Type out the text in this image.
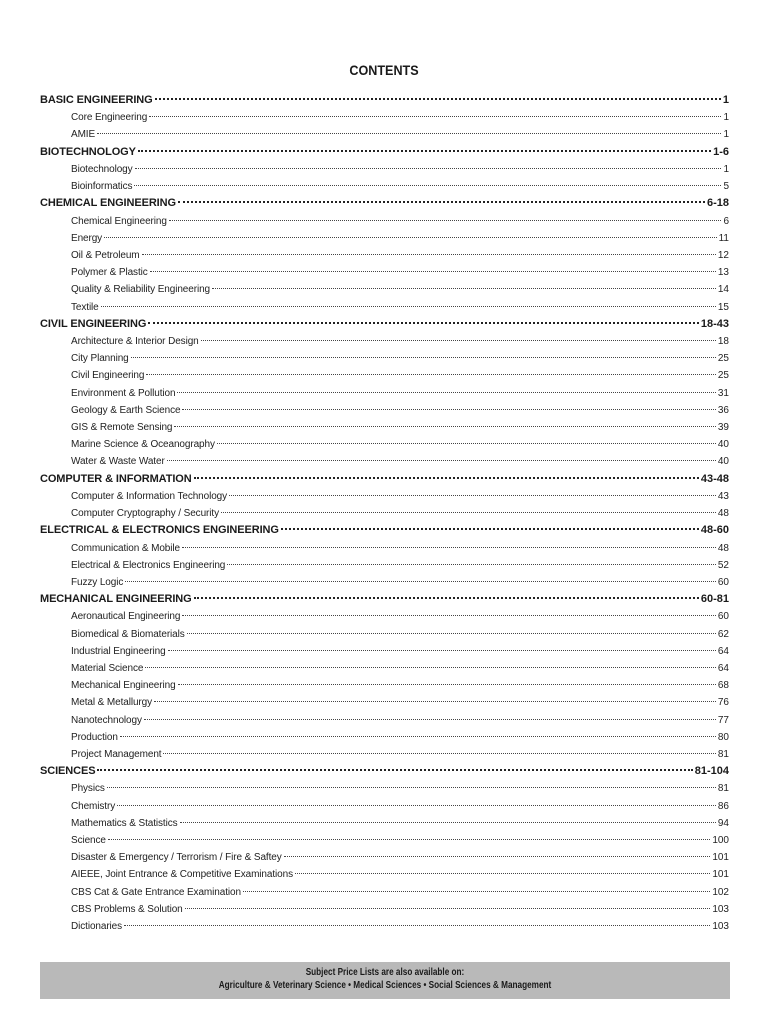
CONTENTS
BASIC ENGINEERING	1
Core Engineering	1
AMIE	1
BIOTECHNOLOGY	1-6
Biotechnology	1
Bioinformatics	5
CHEMICAL ENGINEERING	6-18
Chemical Engineering	6
Energy	11
Oil & Petroleum	12
Polymer & Plastic	13
Quality & Reliability Engineering	14
Textile	15
CIVIL ENGINEERING	18-43
Architecture & Interior Design	18
City Planning	25
Civil Engineering	25
Environment & Pollution	31
Geology & Earth Science	36
GIS & Remote Sensing	39
Marine Science & Oceanography	40
Water & Waste Water	40
COMPUTER & INFORMATION	43-48
Computer & Information Technology	43
Computer Cryptography / Security	48
ELECTRICAL & ELECTRONICS ENGINEERING	48-60
Communication & Mobile	48
Electrical & Electronics Engineering	52
Fuzzy Logic	60
MECHANICAL ENGINEERING	60-81
Aeronautical Engineering	60
Biomedical & Biomaterials	62
Industrial Engineering	64
Material Science	64
Mechanical Engineering	68
Metal & Metallurgy	76
Nanotechnology	77
Production	80
Project Management	81
SCIENCES	81-104
Physics	81
Chemistry	86
Mathematics & Statistics	94
Science	100
Disaster & Emergency / Terrorism / Fire & Saftey	101
AIEEE, Joint Entrance & Competitive Examinations	101
CBS Cat & Gate Entrance Examination	102
CBS Problems & Solution	103
Dictionaries	103
Subject Price Lists are also available on:
Agriculture & Veterinary Science • Medical Sciences • Social Sciences & Management
